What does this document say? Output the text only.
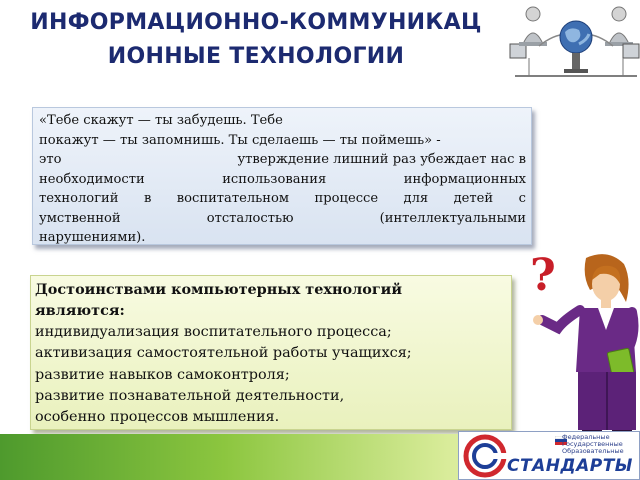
ИНФОРМАЦИОННО-КОММУНИКАЦ
ИОННЫЕ ТЕХНОЛОГИИ
«Тебе скажут — ты забудешь. Тебе
покажут — ты запомнишь. Ты сделаешь — ты поймешь» -
это	утверждение лишний раз убеждает нас в
необходимости	использования	информационных
технологий в воспитательном процессе для детей с
умственной	отсталостью	(интеллектуальными
нарушениями).
Достоинствами компьютерных технологий
являются:
индивидуализация воспитательного процесса;
активизация самостоятельной работы учащихся;
развитие навыков самоконтроля;
развитие познавательной деятельности,
особенно процессов мышления.
?
Федеральные
Государственные
Образовательные
СТАНДАРТЫ
